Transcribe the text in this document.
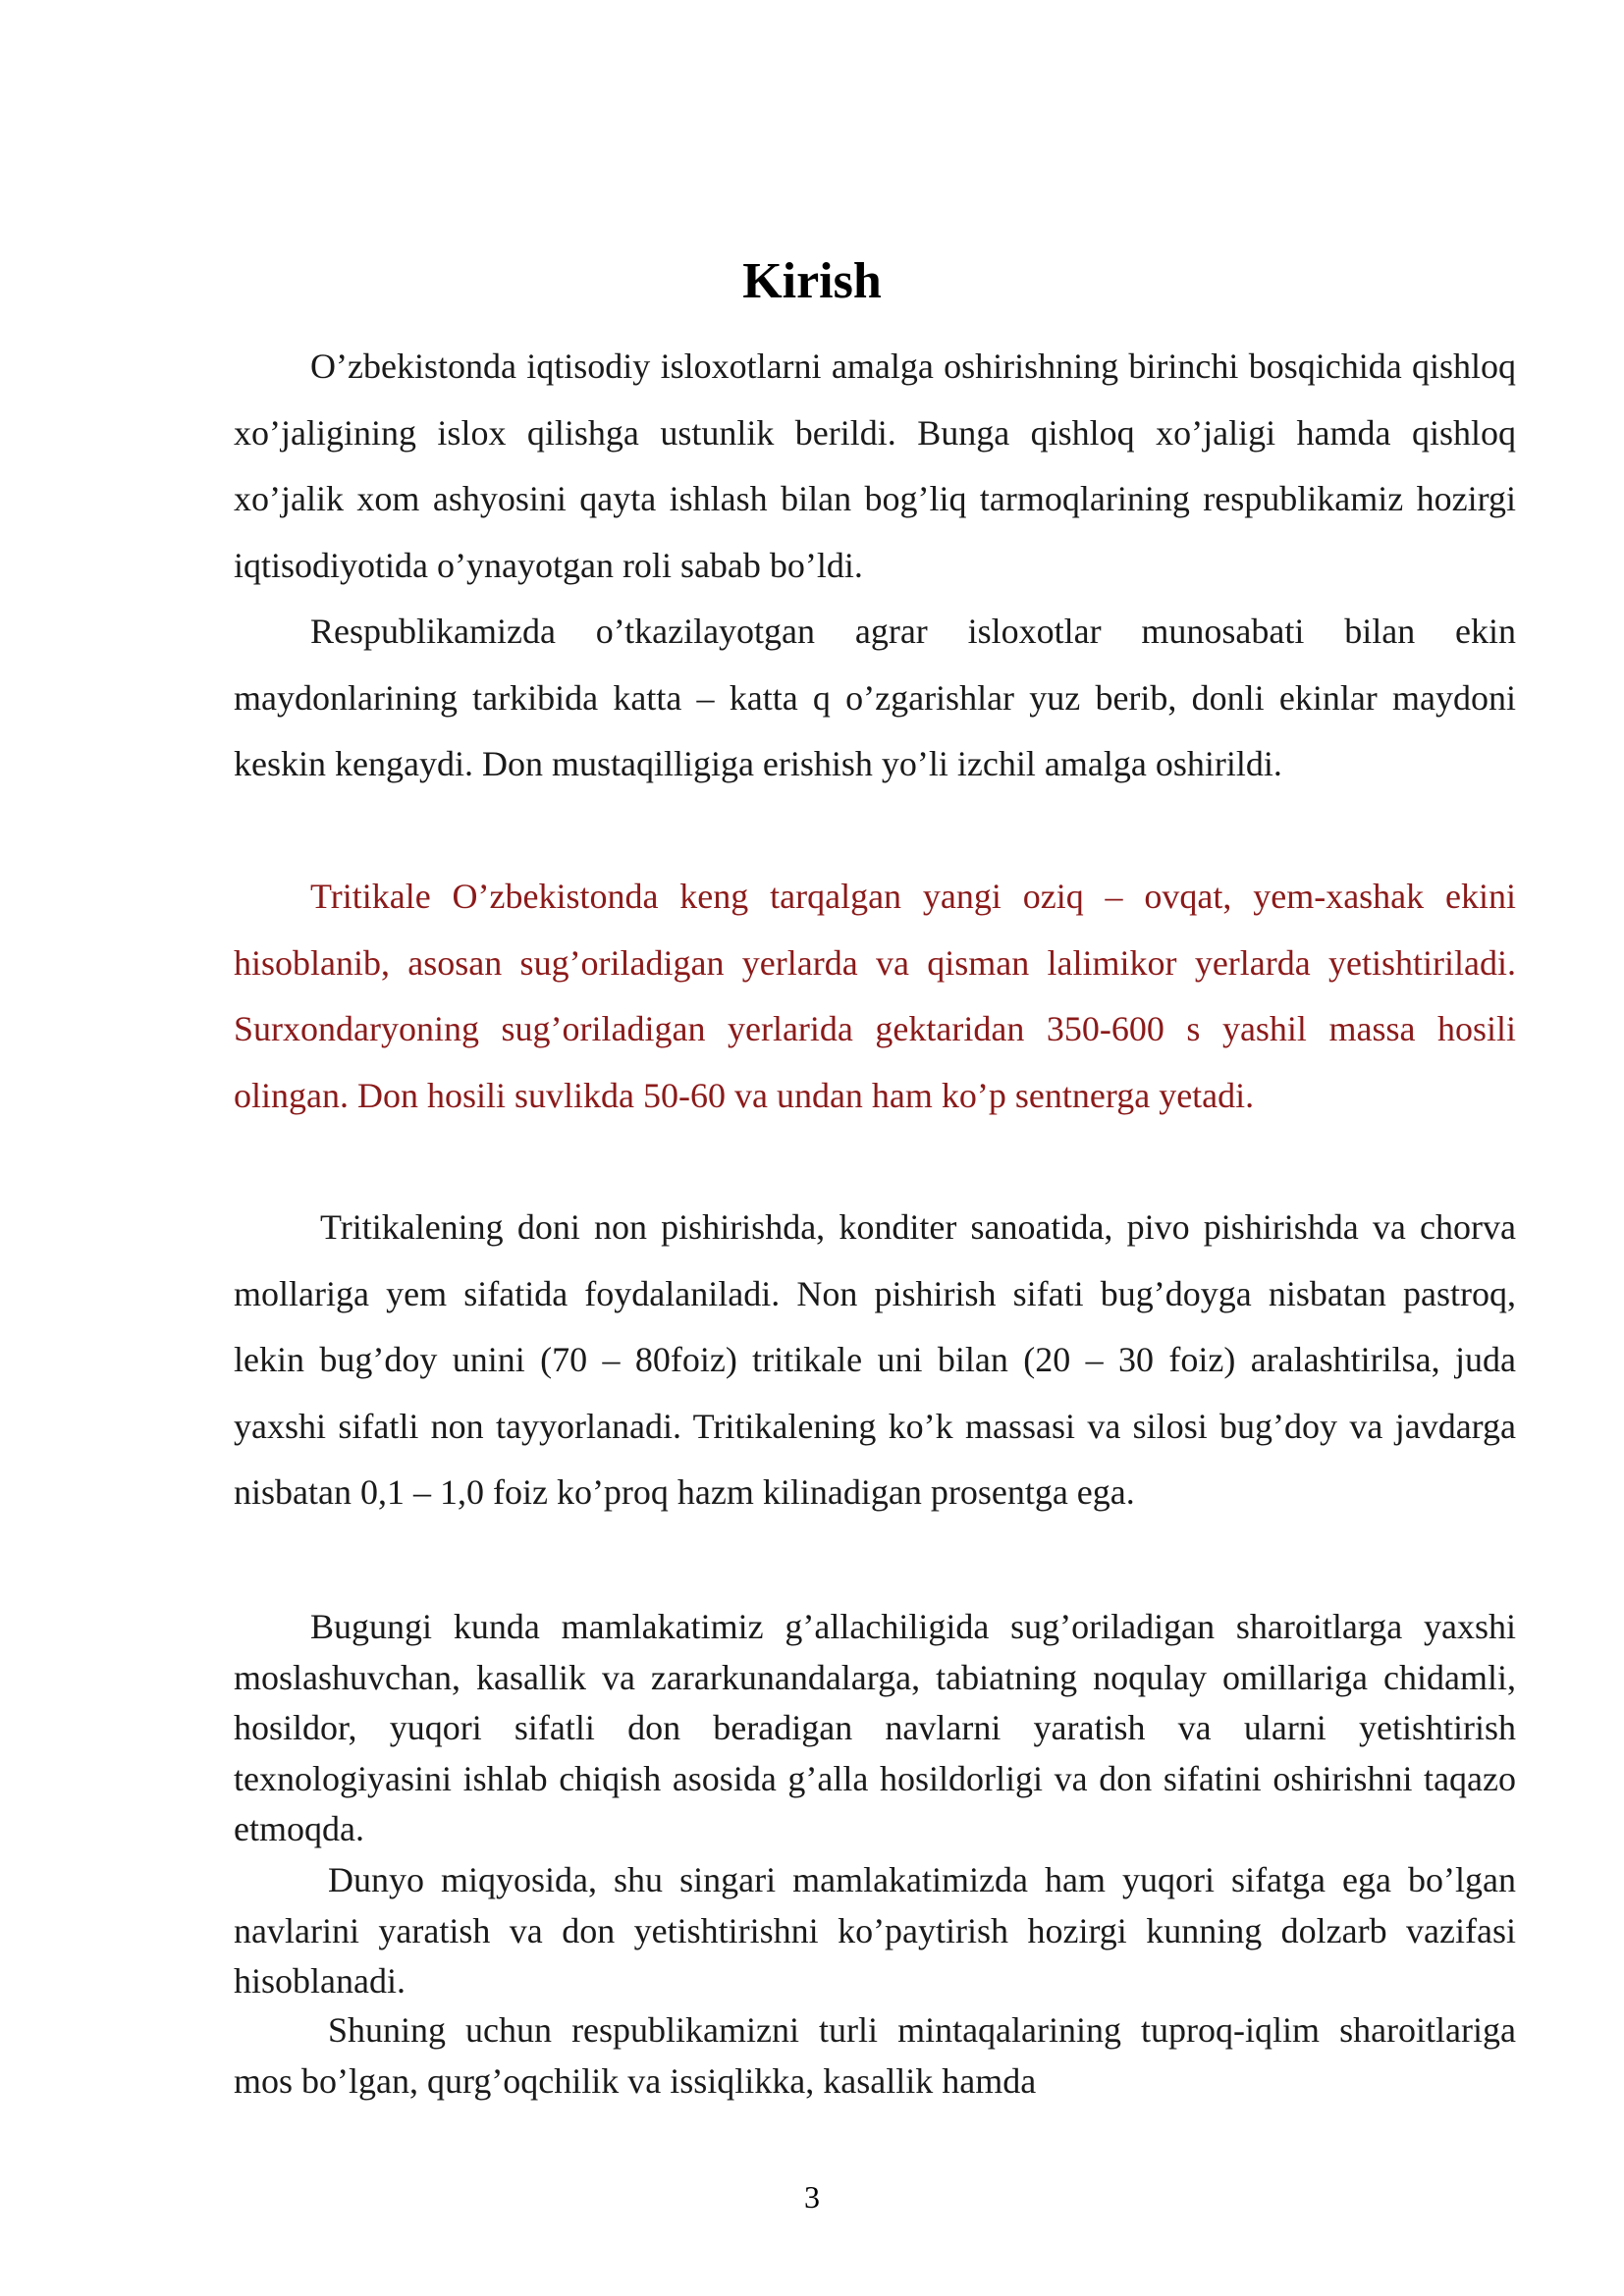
Kirish

O’zbekistonda iqtisodiy isloxotlarni amalga oshirishning birinchi bosqichida qishloq xo’jaligining islox qilishga ustunlik berildi. Bunga qishloq xo’jaligi hamda qishloq xo’jalik xom ashyosini qayta ishlash bilan bog’liq tarmoqlarining respublikamiz hozirgi iqtisodiyotida o’ynayotgan roli sabab bo’ldi.

Respublikamizda o’tkazilayotgan agrar isloxotlar munosabati bilan ekin maydonlarining tarkibida katta – katta q o’zgarishlar yuz berib, donli ekinlar maydoni keskin kengaydi. Don mustaqilligiga erishish yo’li izchil amalga oshirildi.

Tritikale O’zbekistonda keng tarqalgan yangi oziq – ovqat, yem-xashak ekini hisoblanib, asosan sug’oriladigan yerlarda va qisman lalimikor yerlarda yetishtiriladi. Surxondaryoning sug’oriladigan yerlarida gektaridan 350-600 s yashil massa hosili olingan. Don hosili suvlikda 50-60 va undan ham ko’p sentnerga yetadi.

Tritikalening doni non pishirishda, konditer sanoatida, pivo pishirishda va chorva mollariga yem sifatida foydalaniladi. Non pishirish sifati bug’doyga nisbatan pastroq, lekin bug’doy unini (70 – 80foiz) tritikale uni bilan (20 – 30 foiz) aralashtirilsa, juda yaxshi sifatli non tayyorlanadi. Tritikalening ko’k massasi va silosi bug’doy va javdarga nisbatan 0,1 – 1,0 foiz ko’proq hazm kilinadigan prosentga ega.

Bugungi kunda mamlakatimiz g’allachiligida sug’oriladigan sharoitlarga yaxshi moslashuvchan, kasallik va zararkunandalarga, tabiatning noqulay omillariga chidamli, hosildor, yuqori sifatli don beradigan navlarni yaratish va ularni yetishtirish texnologiyasini ishlab chiqish asosida g’alla hosildorligi va don sifatini oshirishni taqazo etmoqda.

Dunyo miqyosida, shu singari mamlakatimizda ham yuqori sifatga ega bo’lgan navlarini yaratish va don yetishtirishni ko’paytirish hozirgi kunning dolzarb vazifasi hisoblanadi.

Shuning uchun respublikamizni turli mintaqalarining tuproq-iqlim sharoitlariga mos bo’lgan, qurg’oqchilik va issiqlikka, kasallik hamda

3
